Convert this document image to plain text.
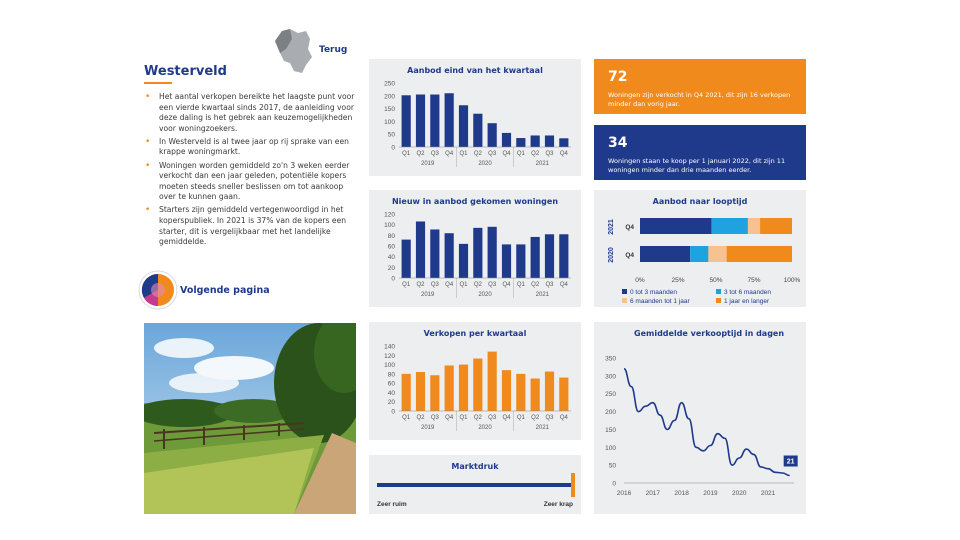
Terug
Westerveld
• Het aantal verkopen bereikte het laagste punt voor een vierde kwartaal sinds 2017, de aanleiding voor deze daling is het gebrek aan keuzemogelijkheden voor woningzoekers.
• In Westerveld is al twee jaar op rij sprake van een krappe woningmarkt.
• Woningen worden gemiddeld zo'n 3 weken eerder verkocht dan een jaar geleden, potentiële kopers moeten steeds sneller beslissen om tot aankoop over te kunnen gaan.
• Starters zijn gemiddeld vertegenwoordigd in het koperspubliek. In 2021 is 37% van de kopers een starter, dit is vergelijkbaar met het landelijke gemiddelde.
Volgende pagina
Aanbod eind van het kwartaal
0
50
100
150
200
250
Q1 Q2 Q3 Q4 Q1 Q2 Q3 Q4 Q1 Q2 Q3 Q4
2019	2020	2021
Nieuw in aanbod gekomen woningen
0
20
40
60
80
100
120
Q1 Q2 Q3 Q4 Q1 Q2 Q3 Q4 Q1 Q2 Q3 Q4
2019	2020	2021
Verkopen per kwartaal
0
20
40
60
80
100
120
140
Q1 Q2 Q3 Q4 Q1 Q2 Q3 Q4 Q1 Q2 Q3 Q4
2019	2020	2021
Marktdruk
Zeer ruim	Zeer krap
72
Woningen zijn verkocht in Q4 2021, dit zijn 16 verkopen minder dan vorig jaar.
34
Woningen staan te koop per 1 januari 2022, dit zijn 11 woningen minder dan drie maanden eerder.
Aanbod naar looptijd
Q4
2021
Q4
2020
0%	25%	50%	75%	100%
0 tot 3 maanden	3 tot 6 maanden
6 maanden tot 1 jaar	1 jaar en langer
Gemiddelde verkooptijd in dagen
0
50
100
150
200
250
300
350
2016 2017 2018 2019 2020 2021
21
